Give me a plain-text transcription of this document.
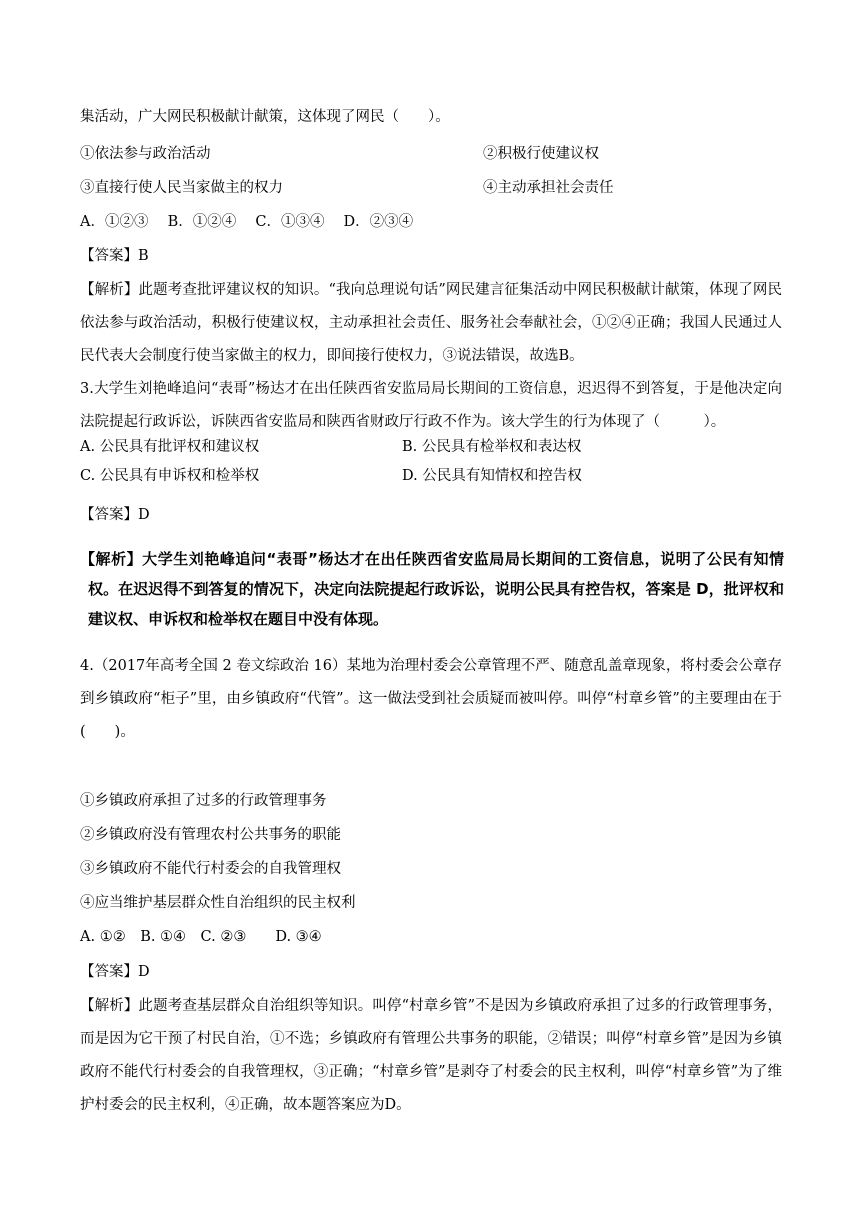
集活动，广大网民积极献计献策，这体现了网民（　　）。
①依法参与政治活动	②积极行使建议权
③直接行使人民当家做主的权力	④主动承担社会责任
A．①②③　 B．①②④　 C．①③④　 D．②③④
【答案】B
【解析】此题考查批评建议权的知识。“我向总理说句话”网民建言征集活动中网民积极献计献策，体现了网民依法参与政治活动，积极行使建议权，主动承担社会责任、服务社会奉献社会，①②④正确；我国人民通过人民代表大会制度行使当家做主的权力，即间接行使权力，③说法错误，故选B。
3.大学生刘艳峰追问“表哥”杨达才在出任陕西省安监局局长期间的工资信息，迟迟得不到答复，于是他决定向法院提起行政诉讼，诉陕西省安监局和陕西省财政厅行政不作为。该大学生的行为体现了（　　　）。
A. 公民具有批评权和建议权	B. 公民具有检举权和表达权
C. 公民具有申诉权和检举权	D. 公民具有知情权和控告权
【答案】D
【解析】大学生刘艳峰追问“表哥”杨达才在出任陕西省安监局局长期间的工资信息，说明了公民有知情权。在迟迟得不到答复的情况下，决定向法院提起行政诉讼，说明公民具有控告权，答案是 D，批评权和建议权、申诉权和检举权在题目中没有体现。
4.（2017年高考全国 2 卷文综政治 16）某地为治理村委会公章管理不严、随意乱盖章现象，将村委会公章存到乡镇政府“柜子”里，由乡镇政府“代管”。这一做法受到社会质疑而被叫停。叫停“村章乡管”的主要理由在于(　　)。
①乡镇政府承担了过多的行政管理事务
②乡镇政府没有管理农村公共事务的职能
③乡镇政府不能代行村委会的自我管理权
④应当维护基层群众性自治组织的民主权利
A. ①②　B. ①④　C. ②③　　D. ③④
【答案】D
【解析】此题考查基层群众自治组织等知识。叫停“村章乡管”不是因为乡镇政府承担了过多的行政管理事务，而是因为它干预了村民自治，①不选；乡镇政府有管理公共事务的职能，②错误；叫停“村章乡管”是因为乡镇政府不能代行村委会的自我管理权，③正确；“村章乡管”是剥夺了村委会的民主权利，叫停“村章乡管”为了维护村委会的民主权利，④正确，故本题答案应为D。
